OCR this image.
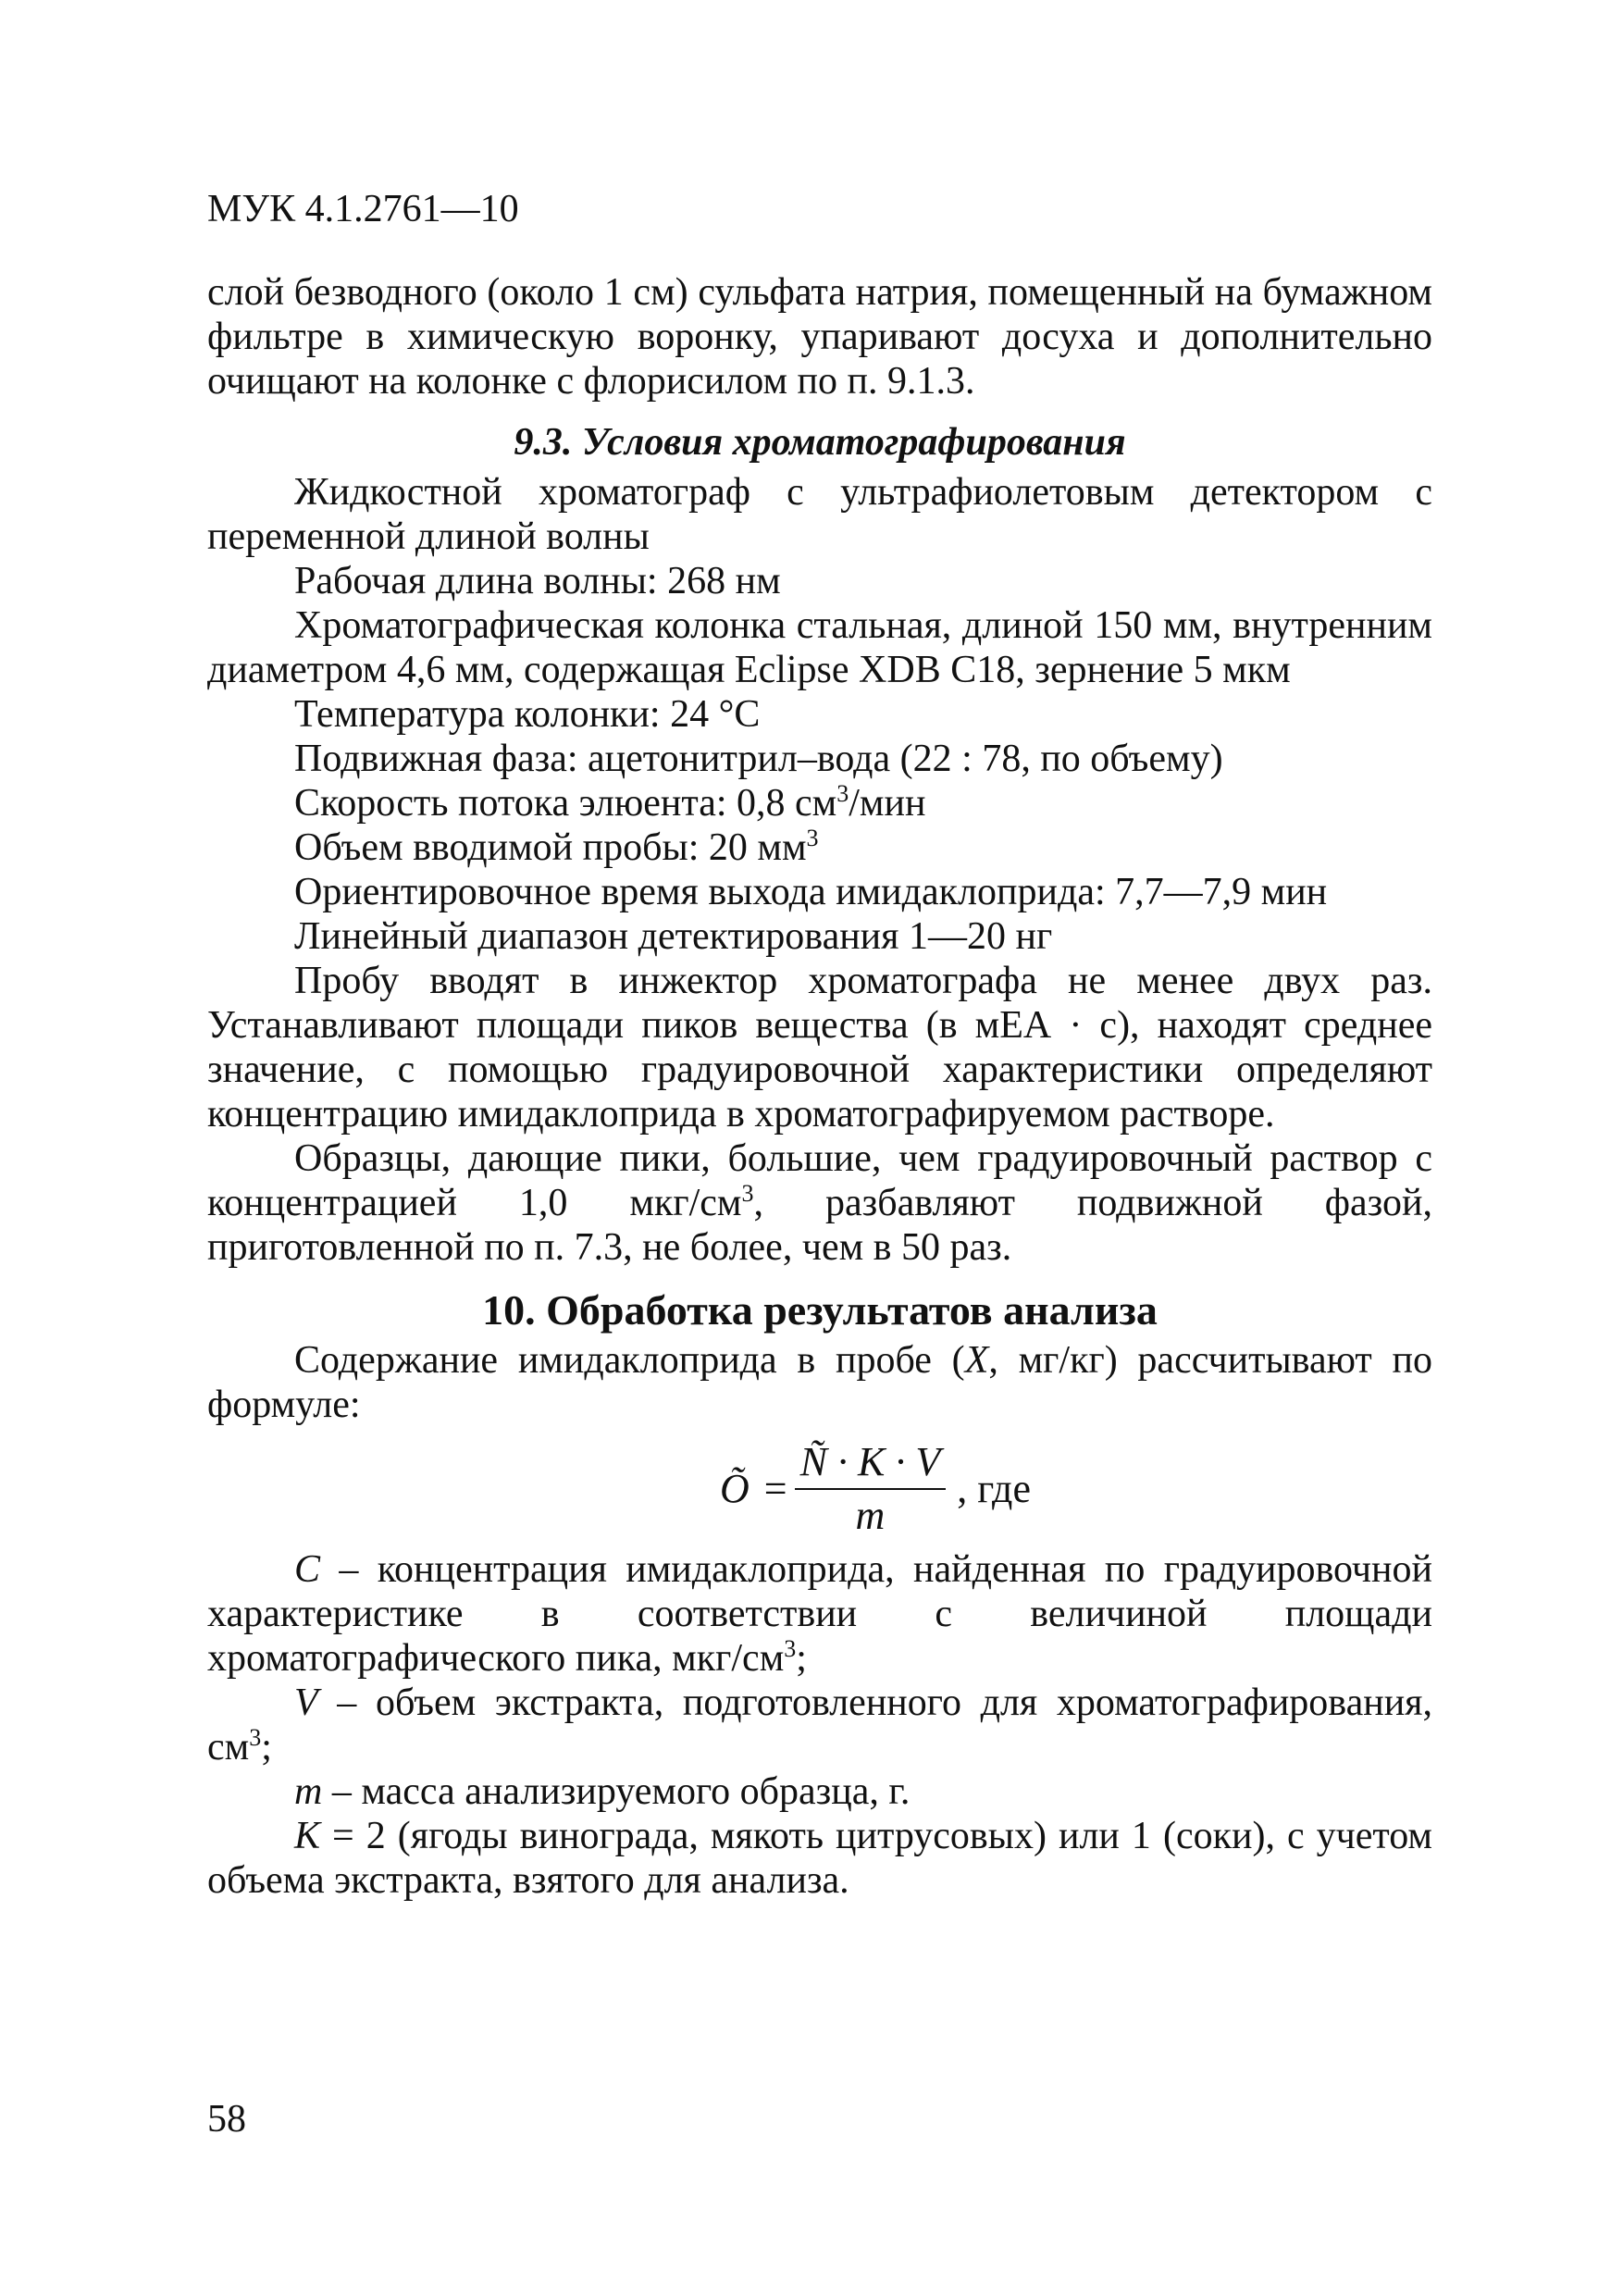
МУК 4.1.2761—10

слой безводного (около 1 см) сульфата натрия, помещенный на бумажном фильтре в химическую воронку, упаривают досуха и дополнительно очищают на колонке с флорисилом по п. 9.1.3.

9.3. Условия хроматографирования

Жидкостной хроматограф с ультрафиолетовым детектором с переменной длиной волны

Рабочая длина волны: 268 нм

Хроматографическая колонка стальная, длиной 150 мм, внутренним диаметром 4,6 мм, содержащая Eclipse XDB C18, зернение 5 мкм

Температура колонки: 24 °C

Подвижная фаза: ацетонитрил–вода (22 : 78, по объему)

Скорость потока элюента: 0,8 $см^3$/мин

Объем вводимой пробы: 20 $мм^3$

Ориентировочное время выхода имидаклоприда: 7,7—7,9 мин

Линейный диапазон детектирования 1—20 нг

Пробу вводят в инжектор хроматографа не менее двух раз. Устанавливают площади пиков вещества (в мЕА · с), находят среднее значение, с помощью градуировочной характеристики определяют концентрацию имидаклоприда в хроматографируемом растворе.

Образцы, дающие пики, большие, чем градуировочный раствор с концентрацией 1,0 мкг/$см^3$, разбавляют подвижной фазой, приготовленной по п. 7.3, не более, чем в 50 раз.

10. Обработка результатов анализа

Содержание имидаклоприда в пробе (X, мг/кг) рассчитывают по формуле:

Õ = $\frac{Ñ \cdot K \cdot V}{m}$ , где

C – концентрация имидаклоприда, найденная по градуировочной характеристике в соответствии с величиной площади хроматографического пика, мкг/$см^3$;

V – объем экстракта, подготовленного для хроматографирования, $см^3$;

m – масса анализируемого образца, г.

K = 2 (ягоды винограда, мякоть цитрусовых) или 1 (соки), с учетом объема экстракта, взятого для анализа.

58
